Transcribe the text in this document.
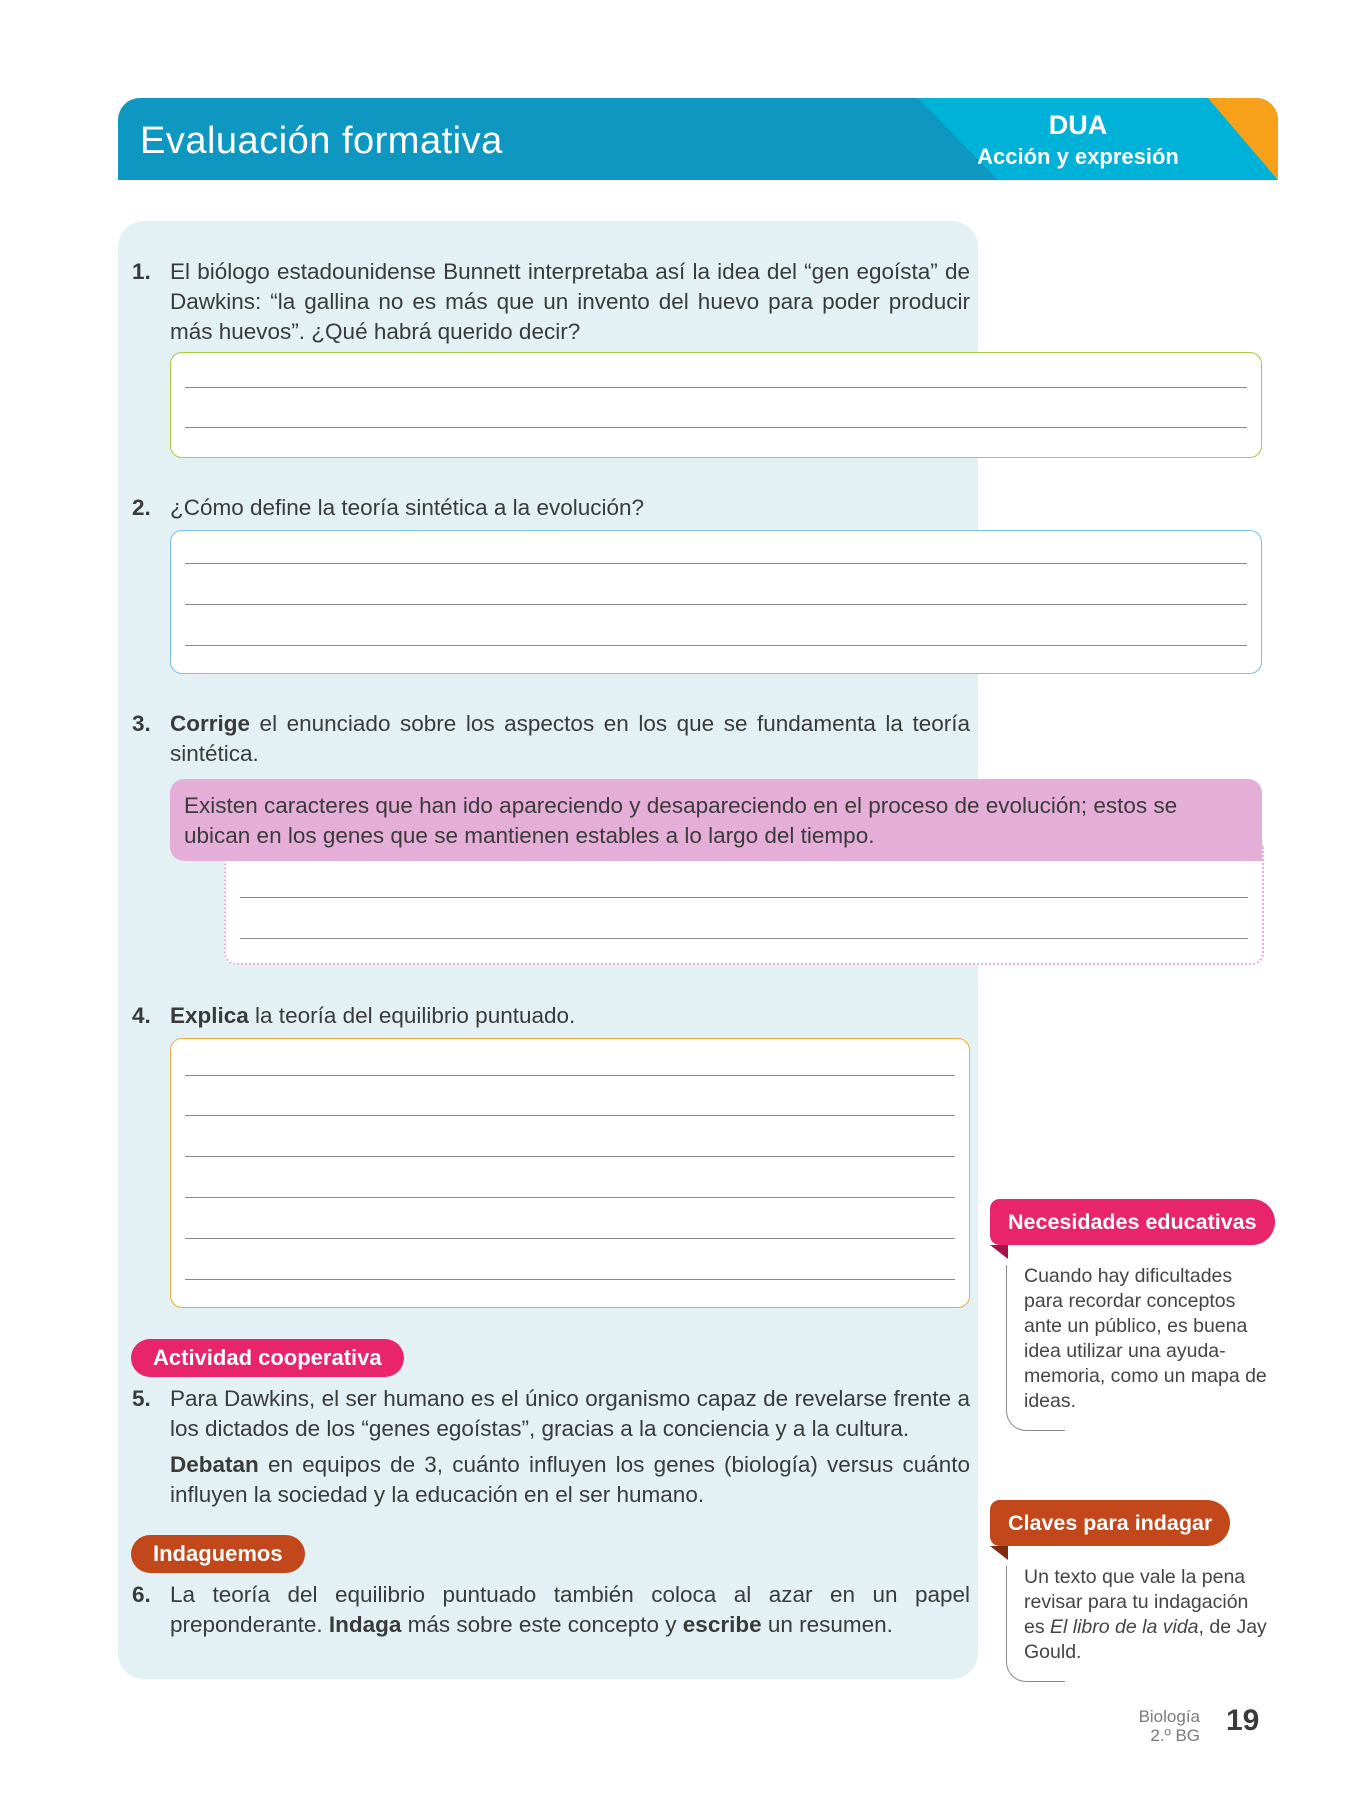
Evaluación formativa	DUA
Acción y expresión
1. El biólogo estadounidense Bunnett interpretaba así la idea del “gen egoísta” de Dawkins: “la gallina no es más que un invento del huevo para poder producir más huevos”. ¿Qué habrá querido decir?
2. ¿Cómo define la teoría sintética a la evolución?
3. Corrige el enunciado sobre los aspectos en los que se fundamenta la teoría sintética.
Existen caracteres que han ido apareciendo y desapareciendo en el proceso de evolución; estos se ubican en los genes que se mantienen estables a lo largo del tiempo.
4. Explica la teoría del equilibrio puntuado.
Actividad cooperativa
5. Para Dawkins, el ser humano es el único organismo capaz de revelarse frente a los dictados de los “genes egoístas”, gracias a la conciencia y a la cultura.
Debatan en equipos de 3, cuánto influyen los genes (biología) versus cuánto influyen la sociedad y la educación en el ser humano.
Indaguemos
6. La teoría del equilibrio puntuado también coloca al azar en un papel preponderante. Indaga más sobre este concepto y escribe un resumen.
Necesidades educativas
Cuando hay dificultades para recordar conceptos ante un público, es buena idea utilizar una ayuda-memoria, como un mapa de ideas.
Claves para indagar
Un texto que vale la pena revisar para tu indagación es El libro de la vida, de Jay Gould.
Biología
2.º BG 19
